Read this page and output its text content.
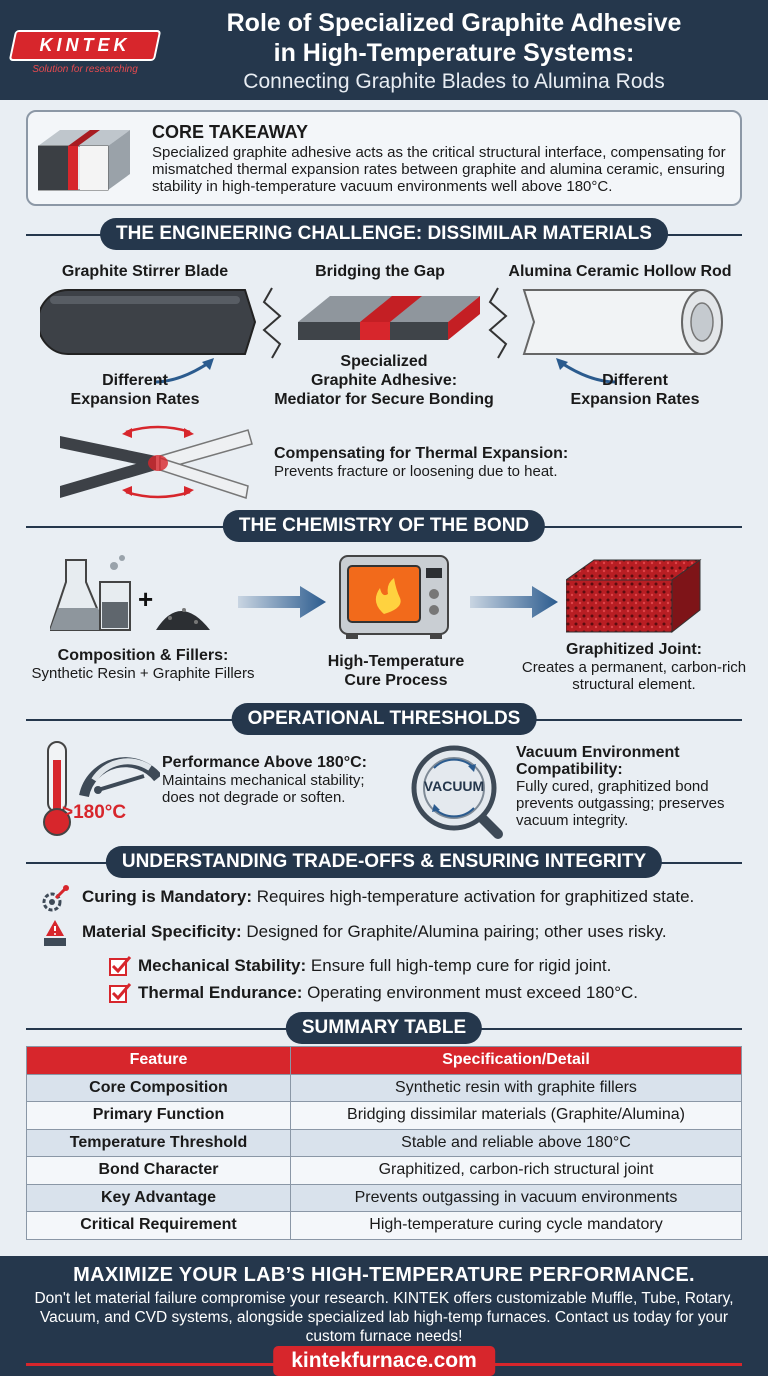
KINTEK
Solution for researching
Role of Specialized Graphite Adhesive
in High-Temperature Systems:
Connecting Graphite Blades to Alumina Rods
CORE TAKEAWAY
Specialized graphite adhesive acts as the critical structural interface, compensating for mismatched thermal expansion rates between graphite and alumina ceramic, ensuring stability in high-temperature vacuum environments well above 180°C.
THE ENGINEERING CHALLENGE: DISSIMILAR MATERIALS
Graphite Stirrer Blade	Bridging the Gap	Alumina Ceramic Hollow Rod
Different Expansion Rates
Specialized
Graphite Adhesive:
Mediator for Secure Bonding
Different Expansion Rates
Compensating for Thermal Expansion:
Prevents fracture or loosening due to heat.
THE CHEMISTRY OF THE BOND
+
Composition & Fillers:
Synthetic Resin + Graphite Fillers
High-Temperature Cure Process
Graphitized Joint:
Creates a permanent, carbon-rich structural element.
OPERATIONAL THRESHOLDS
>180°C
Performance Above 180°C:
Maintains mechanical stability; does not degrade or soften.
VACUUM
Vacuum Environment Compatibility:
Fully cured, graphitized bond prevents outgassing; preserves vacuum integrity.
UNDERSTANDING TRADE-OFFS & ENSURING INTEGRITY
Curing is Mandatory: Requires high-temperature activation for graphitized state.
Material Specificity: Designed for Graphite/Alumina pairing; other uses risky.
Mechanical Stability: Ensure full high-temp cure for rigid joint.
Thermal Endurance: Operating environment must exceed 180°C.
SUMMARY TABLE
Feature	Specification/Detail
Core Composition	Synthetic resin with graphite fillers
Primary Function	Bridging dissimilar materials (Graphite/Alumina)
Temperature Threshold	Stable and reliable above 180°C
Bond Character	Graphitized, carbon-rich structural joint
Key Advantage	Prevents outgassing in vacuum environments
Critical Requirement	High-temperature curing cycle mandatory
MAXIMIZE YOUR LAB’S HIGH-TEMPERATURE PERFORMANCE.
Don't let material failure compromise your research. KINTEK offers customizable Muffle, Tube, Rotary, Vacuum, and CVD systems, alongside specialized lab high-temp furnaces. Contact us today for your custom furnace needs!
kintekfurnace.com
